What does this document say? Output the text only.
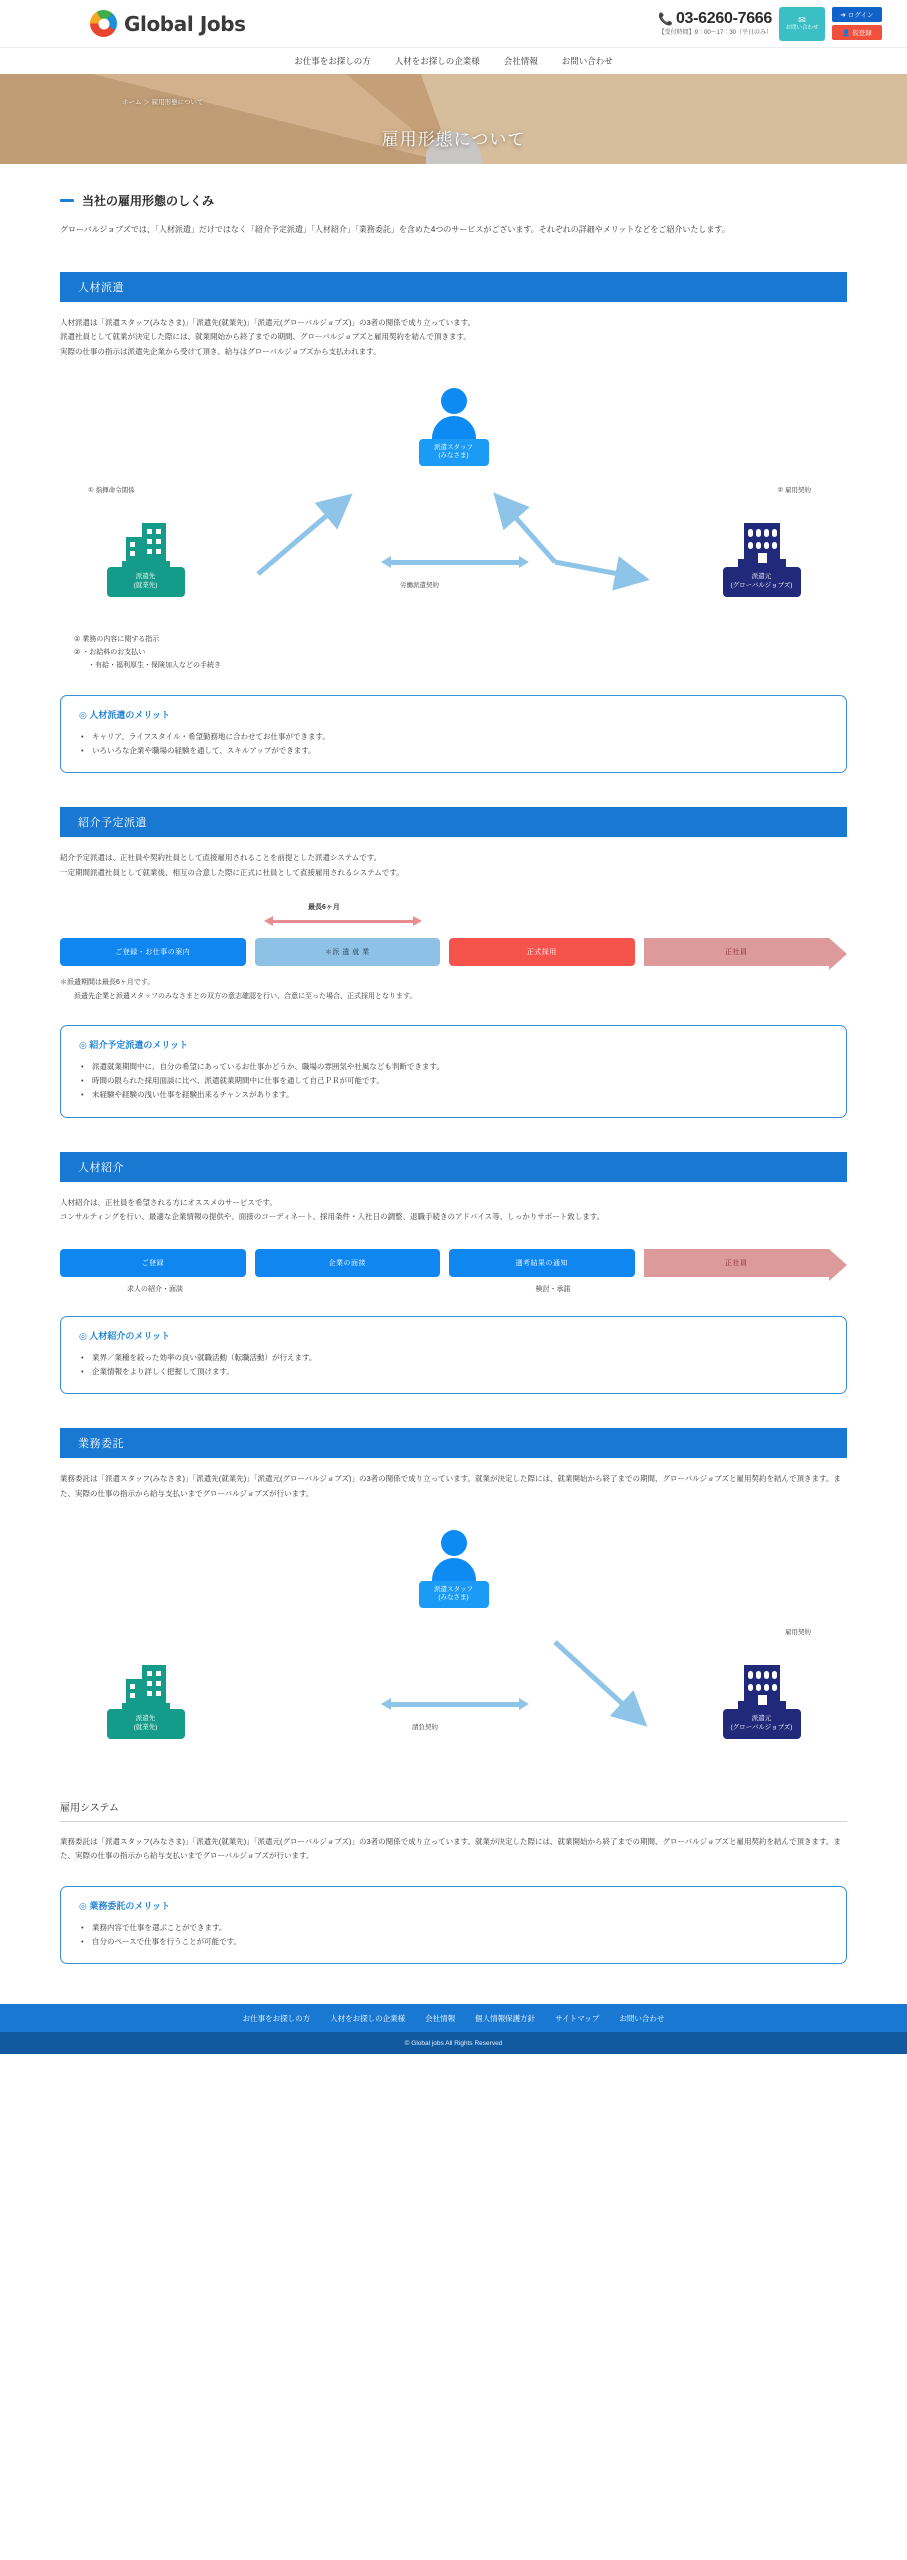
Global Jobs	📞 03-6260-7666
【受付時間】9：00〜17：30（平日のみ）
✉
お問い合わせ
➜ ログイン
👤 仮登録
お仕事をお探しの方	人材をお探しの企業様	会社情報	お問い合わせ
ホーム ＞ 雇用形態について
雇用形態について
当社の雇用形態のしくみ

グローバルジョブズでは、「人材派遣」だけではなく「紹介予定派遣」「人材紹介」「業務委託」を含めた4つのサービスがございます。それぞれの詳細やメリットなどをご紹介いたします。

人材派遣
人材派遣は「派遣スタッフ(みなさま)」「派遣先(就業先)」「派遣元(グローバルジョブズ)」の3者の関係で成り立っています。
派遣社員として就業が決定した際には、就業開始から終了までの期間、グローバルジョブズと雇用契約を結んで頂きます。
実際の仕事の指示は派遣先企業から受けて頂き、給与はグローバルジョブズから支払われます。
派遣スタッフ
(みなさま)
① 指揮命令関係	② 雇用契約
派遣先
(就業先)
派遣元
(グローバルジョブズ)
労働派遣契約
① 業務の内容に関する指示
② ・お給料のお支払い
・有給・福利厚生・保険加入などの手続き
◎ 人材派遣のメリット
• キャリア、ライフスタイル・希望勤務地に合わせてお仕事ができます。
• いろいろな企業や職場の経験を通して、スキルアップができます。
紹介予定派遣
紹介予定派遣は、正社員や契約社員として直接雇用されることを前提とした派遣システムです。
一定期間派遣社員として就業後、相互の合意した際に正式に社員として直接雇用されるシステムです。
最長6ヶ月
ご登録・お仕事の案内	＊派 遣 就 業	正式採用	正社員
＊派遣期間は最長6ヶ月です。
派遣先企業と派遣スタッフのみなさまとの双方の意志確認を行い、合意に至った場合、正式採用となります。
◎ 紹介予定派遣のメリット
• 派遣就業期間中に、自分の希望にあっているお仕事かどうか、職場の雰囲気や社風なども判断できます。
• 時間の限られた採用面談に比べ、派遣就業期間中に仕事を通して自己ＰＲが可能です。
• 未経験や経験の浅い仕事を経験出来るチャンスがあります。
人材紹介
人材紹介は、正社員を希望される方にオススメのサービスです。
コンサルティングを行い、最適な企業情報の提供や、面接のコーディネート、採用条件・入社日の調整、退職手続きのアドバイス等、しっかりサポート致します。
ご登録	企業の面接	選考結果の通知	正社員
求人の紹介・面談	検討・承諾
◎ 人材紹介のメリット
• 業界／業種を絞った効率の良い就職活動（転職活動）が行えます。
• 企業情報をより詳しく把握して頂けます。
業務委託
業務委託は「派遣スタッフ(みなさま)」「派遣先(就業先)」「派遣元(グローバルジョブズ)」の3者の関係で成り立っています。就業が決定した際には、就業開始から終了までの期間、グローバルジョブズと雇用契約を結んで頂きます。また、実際の仕事の指示から給与支払いまでグローバルジョブズが行います。
派遣スタッフ
(みなさま)
雇用契約
派遣先
(就業先)
派遣元
(グローバルジョブズ)
請負契約
雇用システム
業務委託は「派遣スタッフ(みなさま)」「派遣先(就業先)」「派遣元(グローバルジョブズ)」の3者の関係で成り立っています。就業が決定した際には、就業開始から終了までの期間、グローバルジョブズと雇用契約を結んで頂きます。また、実際の仕事の指示から給与支払いまでグローバルジョブズが行います。
◎ 業務委託のメリット
• 業務内容で仕事を選ぶことができます。
• 自分のペースで仕事を行うことが可能です。
お仕事をお探しの方	人材をお探しの企業様	会社情報	個人情報保護方針	サイトマップ	お問い合わせ
© Global jobs All Rights Reserved
